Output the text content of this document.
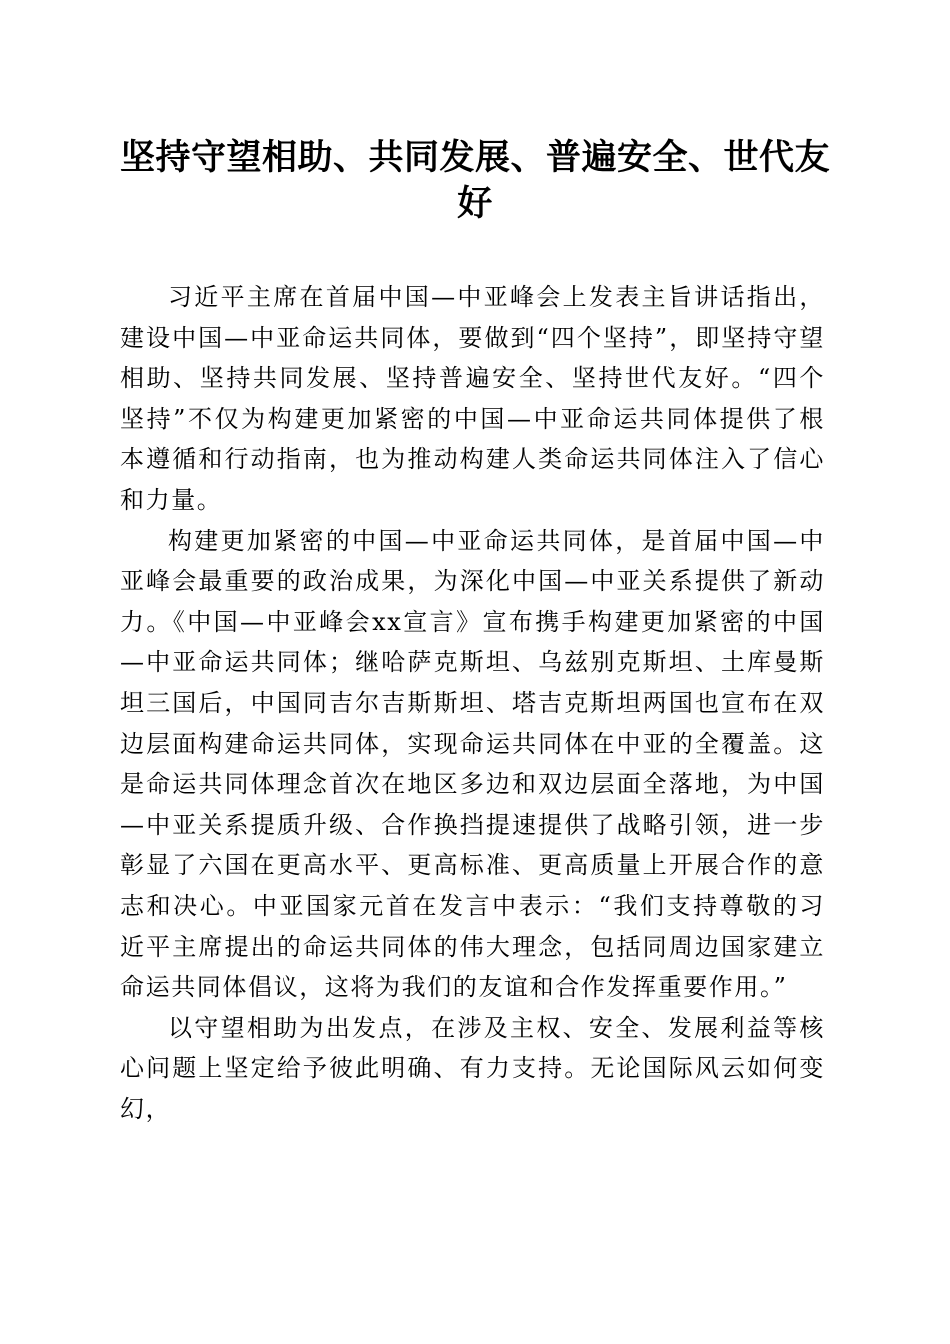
坚持守望相助、共同发展、普遍安全、世代友好

习近平主席在首届中国—中亚峰会上发表主旨讲话指出，建设中国—中亚命运共同体，要做到“四个坚持”，即坚持守望相助、坚持共同发展、坚持普遍安全、坚持世代友好。“四个坚持”不仅为构建更加紧密的中国—中亚命运共同体提供了根本遵循和行动指南，也为推动构建人类命运共同体注入了信心和力量。

构建更加紧密的中国—中亚命运共同体，是首届中国—中亚峰会最重要的政治成果，为深化中国—中亚关系提供了新动力。《中国—中亚峰会xx宣言》宣布携手构建更加紧密的中国—中亚命运共同体；继哈萨克斯坦、乌兹别克斯坦、土库曼斯坦三国后，中国同吉尔吉斯斯坦、塔吉克斯坦两国也宣布在双边层面构建命运共同体，实现命运共同体在中亚的全覆盖。这是命运共同体理念首次在地区多边和双边层面全落地，为中国—中亚关系提质升级、合作换挡提速提供了战略引领，进一步彰显了六国在更高水平、更高标准、更高质量上开展合作的意志和决心。中亚国家元首在发言中表示：“我们支持尊敬的习近平主席提出的命运共同体的伟大理念，包括同周边国家建立命运共同体倡议，这将为我们的友谊和合作发挥重要作用。”

以守望相助为出发点，在涉及主权、安全、发展利益等核心问题上坚定给予彼此明确、有力支持。无论国际风云如何变幻，
